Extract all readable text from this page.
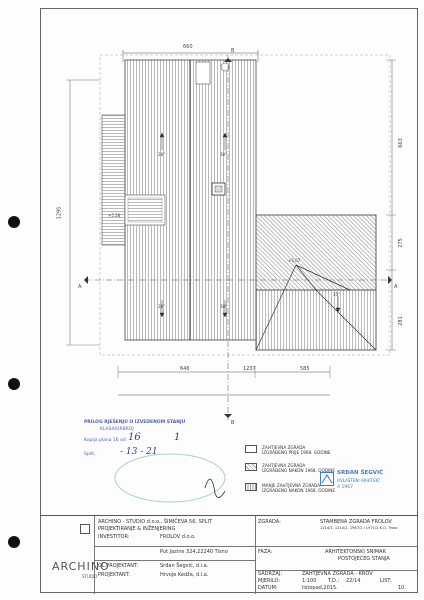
660
1295
663
275
281
646	1237	585
+5.28
+5.07
38°	38°
38°	38°
35°
A	A
B
B
PRILOG RJEŠENJU O IZVEDENOM STANJU
KLASA/URBROJ
Kopija plana 16 od 16	1
Split,	- 13 - 21	ZAHTJEVNA ZGRADA
IZGRAĐENO PRIJE 1968. GODINE
ZAHTJEVNA ZGRADA
IZGRAĐENO NAKON 1968. GODINE
MANJE ZAHTJEVNA ZGRADA
IZGRAĐENO NAKON 1968. GODINE
SRĐAN ŠEGVIĆ
OVLAŠTENI ARHITEKT
A 1967
ARCHINO - STUDIO d.o.o., ŠIMIČEVA 56, SPLIT
PROJEKTIRANJE & INŽENJERING
INVESTITOR:	FROLOV d.o.o.
Put Jazine 324,22240 Tisno
GL.PROJEKTANT:	Srđan Šegvić, d.i.a.
PROJEKTANT:	Hrvoje Kedža, d.i.a.
ZGRADA:	STAMBENA ZGRADA FROLOV
1214/1, 1214/2, 1967/2 i 1971/2 K.O. Tisno
FAZA:	ARHITEKTONSKI SNIMAK
POSTOJEĆEG STANJA
SADRŽAJ:	ZAHTJEVNA ZGRADA - KROV
MJERILO:	1:100 T.D.: 22/14	LIST:
10.
DATUM:	listopad,2015.
ARCHINO
STUDIO
